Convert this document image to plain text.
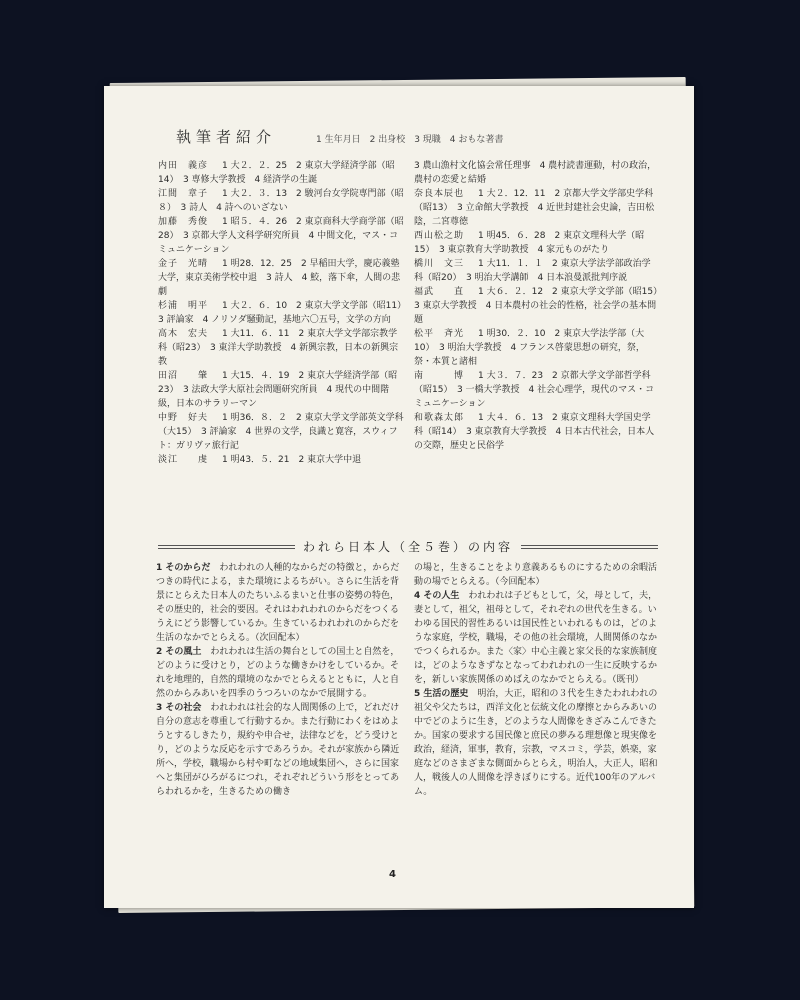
執筆者紹介	1 生年月日　2 出身校　3 現職　4 おもな著書

内田　義彦 1 大２．２．25　2 東京大学経済学部（昭14）　3 専修大学教授　4 経済学の生誕

江間　章子 1 大２．３．13　2 駿河台女学院専門部（昭８）　3 詩人　4 詩へのいざない

加藤　秀俊 1 昭５．４．26　2 東京商科大学商学部（昭28）　3 京都大学人文科学研究所員　4 中間文化，マス・コミュニケーション

金子　光晴 1 明28．12．25　2 早稲田大学，慶応義塾大学，東京美術学校中退　3 詩人　4 鮫，落下傘，人間の悲劇

杉浦　明平 1 大２．６．10　2 東京大学文学部（昭11）　3 評論家　4 ノリソダ騒動記，基地六〇五号，文学の方向

高木　宏夫 1 大11．６．11　2 東京大学文学部宗教学科（昭23）　3 東洋大学助教授　4 新興宗教，日本の新興宗教

田沼　　肇 1 大15．４．19　2 東京大学経済学部（昭23）　3 法政大学大原社会問題研究所員　4 現代の中間階級，日本のサラリーマン

中野　好夫 1 明36．８．２　2 東京大学文学部英文学科（大15）　3 評論家　4 世界の文学，良識と寛容，スウィフト：ガリヴァ旅行記

淡江　　虔 1 明43．５．21　2 東京大学中退

3 農山漁村文化協会常任理事　4 農村読書運動，村の政治，農村の恋愛と結婚

奈良本辰也 1 大２．12．11　2 京都大学文学部史学科（昭13）　3 立命館大学教授　4 近世封建社会史論，吉田松陰，二宮尊徳

西山松之助 1 明45．６．28　2 東京文理科大学（昭15）　3 東京教育大学助教授　4 家元ものがたり

橋川　文三 1 大11．１．１　2 東京大学法学部政治学科（昭20）　3 明治大学講師　4 日本浪曼派批判序説

福武　　直 1 大６．２．12　2 東京大学文学部（昭15）　3 東京大学教授　4 日本農村の社会的性格，社会学の基本問題

松平　斉光 1 明30．２．10　2 東京大学法学部（大10）　3 明治大学教授　4 フランス啓蒙思想の研究，祭，祭・本質と諸相

南　　　博 1 大３．７．23　2 京都大学文学部哲学科（昭15）　3 一橋大学教授　4 社会心理学，現代のマス・コミュニケーション

和歌森太郎 1 大４．６．13　2 東京文理科大学国史学科（昭14）　3 東京教育大学教授　4 日本古代社会，日本人の交際，歴史と民俗学

われら日本人（全５巻）の内容

1 そのからだ　 われわれの人種的なからだの特徴と，からだつきの時代による，また環境によるちがい。さらに生活を背景にとらえた日本人のたちいふるまいと仕事の姿勢の特色，その歴史的，社会的要因。それはわれわれのからだをつくるうえにどう影響しているか。生きているわれわれのからだを生活のなかでとらえる。（次回配本）

2 その風土　 われわれは生活の舞台としての国土と自然を，どのように受けとり，どのような働きかけをしているか。それを地理的，自然的環境のなかでとらえるとともに，人と自然のからみあいを四季のうつろいのなかで展開する。

3 その社会　 われわれは社会的な人間関係の上で，どれだけ自分の意志を尊重して行動するか。また行動にわくをはめようとするしきたり，規約や申合せ，法律などを，どう受けとり，どのような反応を示すであろうか。それが家族から隣近所へ，学校，職場から村や町などの地域集団へ，さらに国家へと集団がひろがるにつれ，それぞれどういう形をとってあらわれるかを，生きるための働き

の場と，生きることをより意義あるものにするための余暇活動の場でとらえる。（今回配本）

4 その人生　 われわれは子どもとして，父，母として，夫，妻として，祖父，祖母として，それぞれの世代を生きる。いわゆる国民的習性あるいは国民性といわれるものは，どのような家庭，学校，職場，その他の社会環境，人間関係のなかでつくられるか。また〈家〉中心主義と家父長的な家族制度は，どのようなきずなとなってわれわれの一生に反映するかを，新しい家族関係のめばえのなかでとらえる。（既刊）

5 生活の歴史　 明治，大正，昭和の３代を生きたわれわれの祖父や父たちは，西洋文化と伝統文化の摩擦とからみあいの中でどのように生き，どのような人間像をきざみこんできたか。国家の要求する国民像と庶民の夢みる理想像と現実像を政治，経済，軍事，教育，宗教，マスコミ，学芸，娯楽，家庭などのさまざまな側面からとらえ，明治人，大正人，昭和人，戦後人の人間像を浮きぼりにする。近代100年のアルバム。

4
